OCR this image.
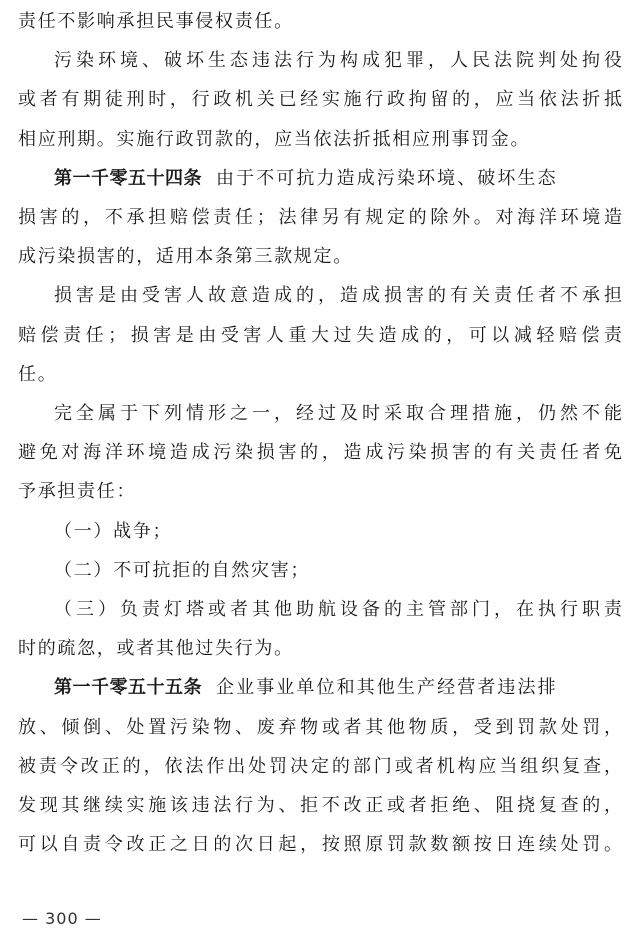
责任不影响承担民事侵权责任。
污染环境、破坏生态违法行为构成犯罪，人民法院判处拘役
或者有期徒刑时，行政机关已经实施行政拘留的，应当依法折抵
相应刑期。实施行政罚款的，应当依法折抵相应刑事罚金。
第一千零五十四条 由于不可抗力造成污染环境、破坏生态
损害的，不承担赔偿责任；法律另有规定的除外。对海洋环境造
成污染损害的，适用本条第三款规定。
损害是由受害人故意造成的，造成损害的有关责任者不承担
赔偿责任；损害是由受害人重大过失造成的，可以减轻赔偿责
任。
完全属于下列情形之一，经过及时采取合理措施，仍然不能
避免对海洋环境造成污染损害的，造成污染损害的有关责任者免
予承担责任：
（一）战争；
（二）不可抗拒的自然灾害；
（三）负责灯塔或者其他助航设备的主管部门，在执行职责
时的疏忽，或者其他过失行为。
第一千零五十五条 企业事业单位和其他生产经营者违法排
放、倾倒、处置污染物、废弃物或者其他物质，受到罚款处罚，
被责令改正的，依法作出处罚决定的部门或者机构应当组织复查，
发现其继续实施该违法行为、拒不改正或者拒绝、阻挠复查的，
可以自责令改正之日的次日起，按照原罚款数额按日连续处罚。
— 300 —
